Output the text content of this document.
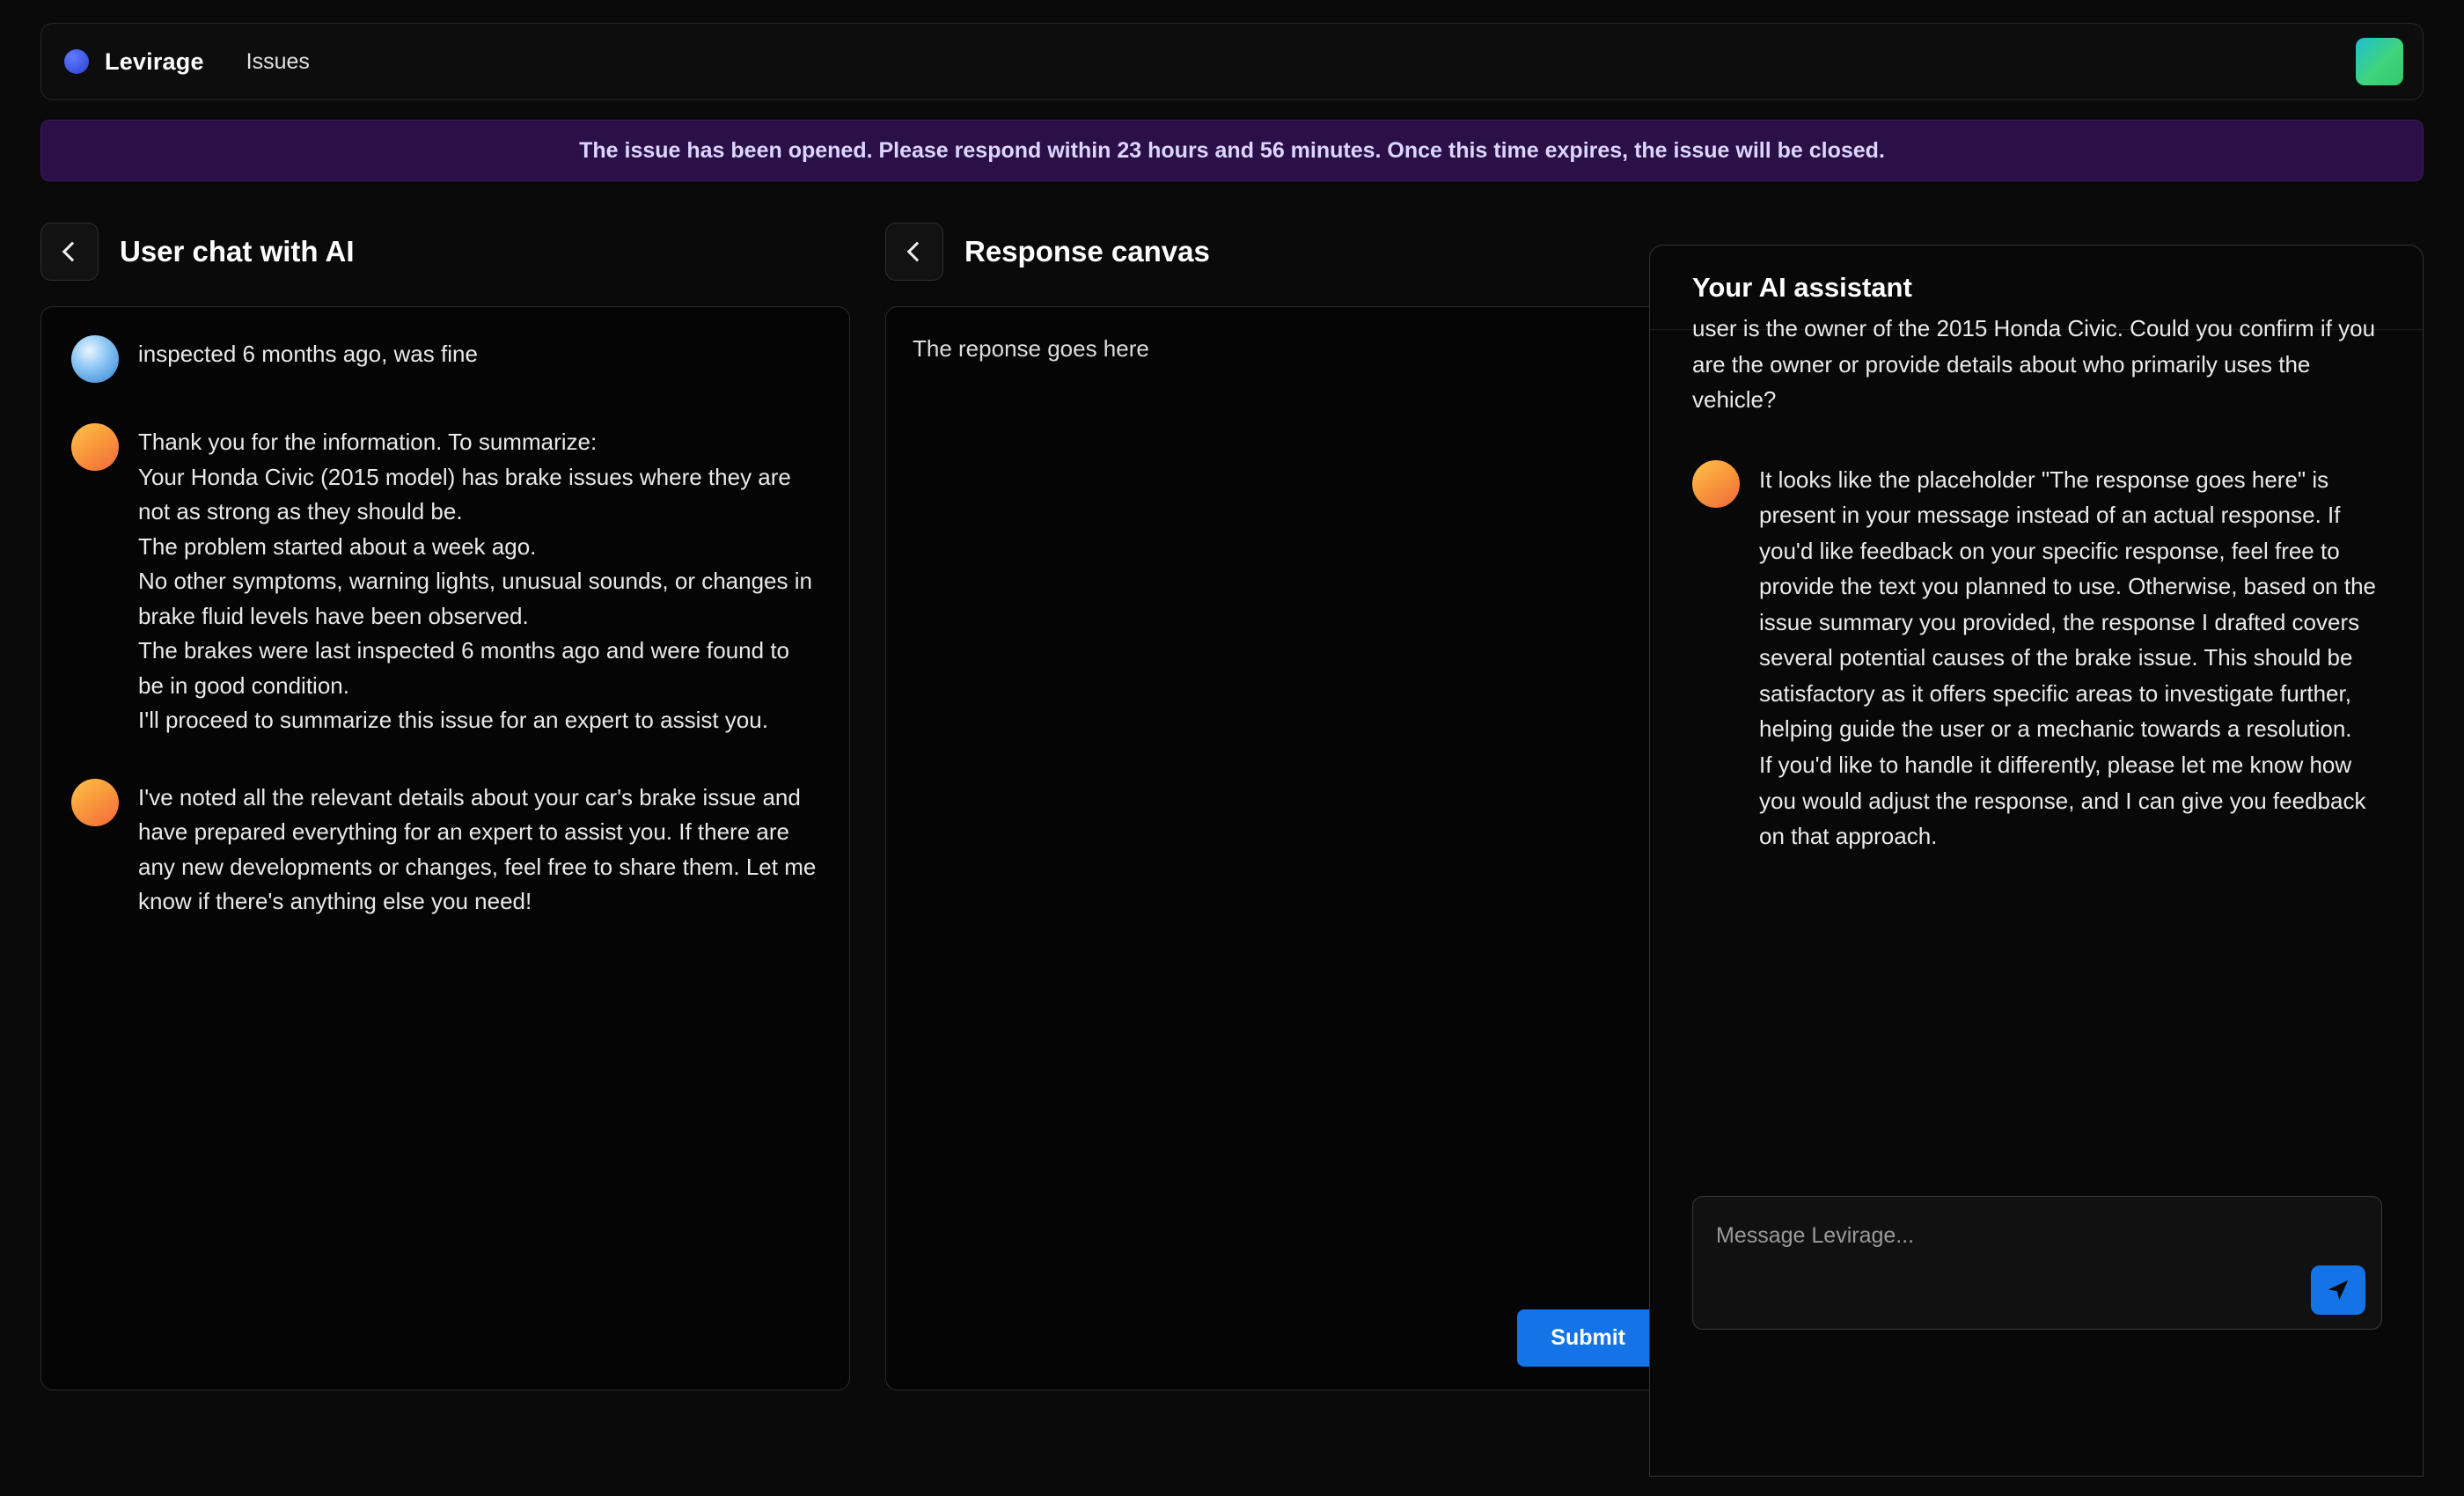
Levirage Issues
The issue has been opened. Please respond within 23 hours and 56 minutes. Once this time expires, the issue will be closed.
User chat with AI
inspected 6 months ago, was fine
Thank you for the information. To summarize:
Your Honda Civic (2015 model) has brake issues where they are not as strong as they should be.
The problem started about a week ago.
No other symptoms, warning lights, unusual sounds, or changes in brake fluid levels have been observed.
The brakes were last inspected 6 months ago and were found to be in good condition.
I'll proceed to summarize this issue for an expert to assist you.
I've noted all the relevant details about your car's brake issue and have prepared everything for an expert to assist you. If there are any new developments or changes, feel free to share them. Let me know if there's anything else you need!
Response canvas
The reponse goes here
Submit
Your AI assistant
user is the owner of the 2015 Honda Civic. Could you confirm if you are the owner or provide details about who primarily uses the vehicle?
It looks like the placeholder "The response goes here" is present in your message instead of an actual response. If you'd like feedback on your specific response, feel free to provide the text you planned to use. Otherwise, based on the issue summary you provided, the response I drafted covers several potential causes of the brake issue. This should be satisfactory as it offers specific areas to investigate further, helping guide the user or a mechanic towards a resolution.
If you'd like to handle it differently, please let me know how you would adjust the response, and I can give you feedback on that approach.
Message Levirage...
